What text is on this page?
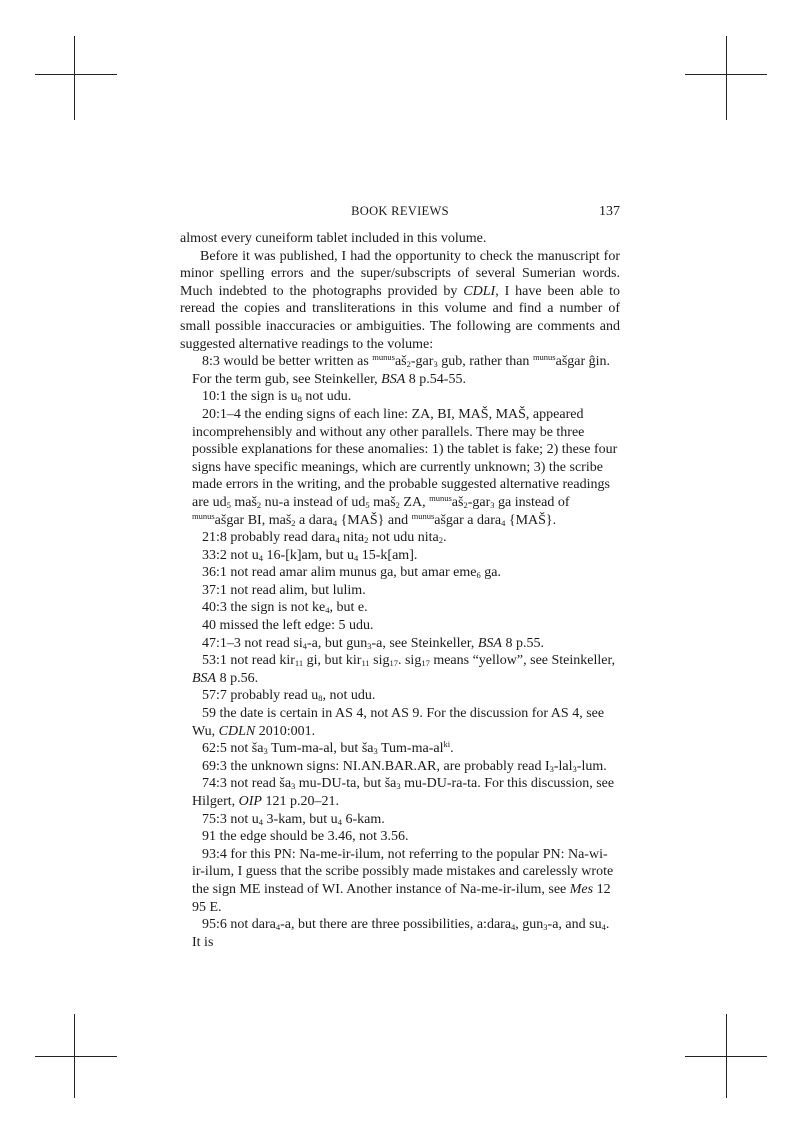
BOOK REVIEWS	137

almost every cuneiform tablet included in this volume.

Before it was published, I had the opportunity to check the manuscript for minor spelling errors and the super/subscripts of several Sumerian words. Much indebted to the photographs provided by CDLI, I have been able to reread the copies and transliterations in this volume and find a number of small possible inaccuracies or ambiguities. The following are comments and suggested alternative readings to the volume:

8:3 would be better written as $^{munus}aš_2-gar_3$ gub, rather than $^{munus}$ašgar ĝin. For the term gub, see Steinkeller, BSA 8 p.54-55.

10:1 the sign is $u_8$ not udu.

20:1–4 the ending signs of each line: ZA, BI, MAŠ, MAŠ, appeared incomprehensibly and without any other parallels. There may be three possible explanations for these anomalies: 1) the tablet is fake; 2) these four signs have specific meanings, which are currently unknown; 3) the scribe made errors in the writing, and the probable suggested alternative readings are $ud_5$ maš$_2$ nu-a instead of $ud_5$ maš$_2$ ZA, $^{munus}aš_2-gar_3$ ga instead of $^{munus}$ašgar BI, maš$_2$ a dara$_4$ {MAŠ} and $^{munus}$ašgar a dara$_4$ {MAŠ}.

21:8 probably read dara$_4$ nita$_2$ not udu nita$_2$.

33:2 not $u_4$ 16-[k]am, but $u_4$ 15-k[am].

36:1 not read amar alim munus ga, but amar eme$_6$ ga.

37:1 not read alim, but lulim.

40:3 the sign is not $ke_4$, but e.

40 missed the left edge: 5 udu.

47:1–3 not read $si_4-a$, but gun$_3$-a, see Steinkeller, BSA 8 p.55.

53:1 not read kir$_{11}$ gi, but kir$_{11}$ sig$_{17}$. sig$_{17}$ means “yellow”, see Steinkeller, BSA 8 p.56.

57:7 probably read $u_8$, not udu.

59 the date is certain in AS 4, not AS 9. For the discussion for AS 4, see Wu, CDLN 2010:001.

62:5 not $ša_3$ Tum-ma-al, but $ša_3$ Tum-$ma-al^{ki}$.

69:3 the unknown signs: NI.AN.BAR.AR, are probably read $I_3-lal_3$-lum.

74:3 not read $ša_3$ mu-DU-ta, but $ša_3$ mu-DU-ra-ta. For this discussion, see Hilgert, OIP 121 p.20–21.

75:3 not $u_4$ 3-kam, but $u_4$ 6-kam.

91 the edge should be 3.46, not 3.56.

93:4 for this PN: Na-me-ir-ilum, not referring to the popular PN: Na-wi-ir-ilum, I guess that the scribe possibly made mistakes and carelessly wrote the sign ME instead of WI. Another instance of Na-me-ir-ilum, see Mes 12 95 E.

95:6 not dara$_4$-a, but there are three possibilities, a:dara$_4$, gun$_3$-a, and $su_4$. It is
